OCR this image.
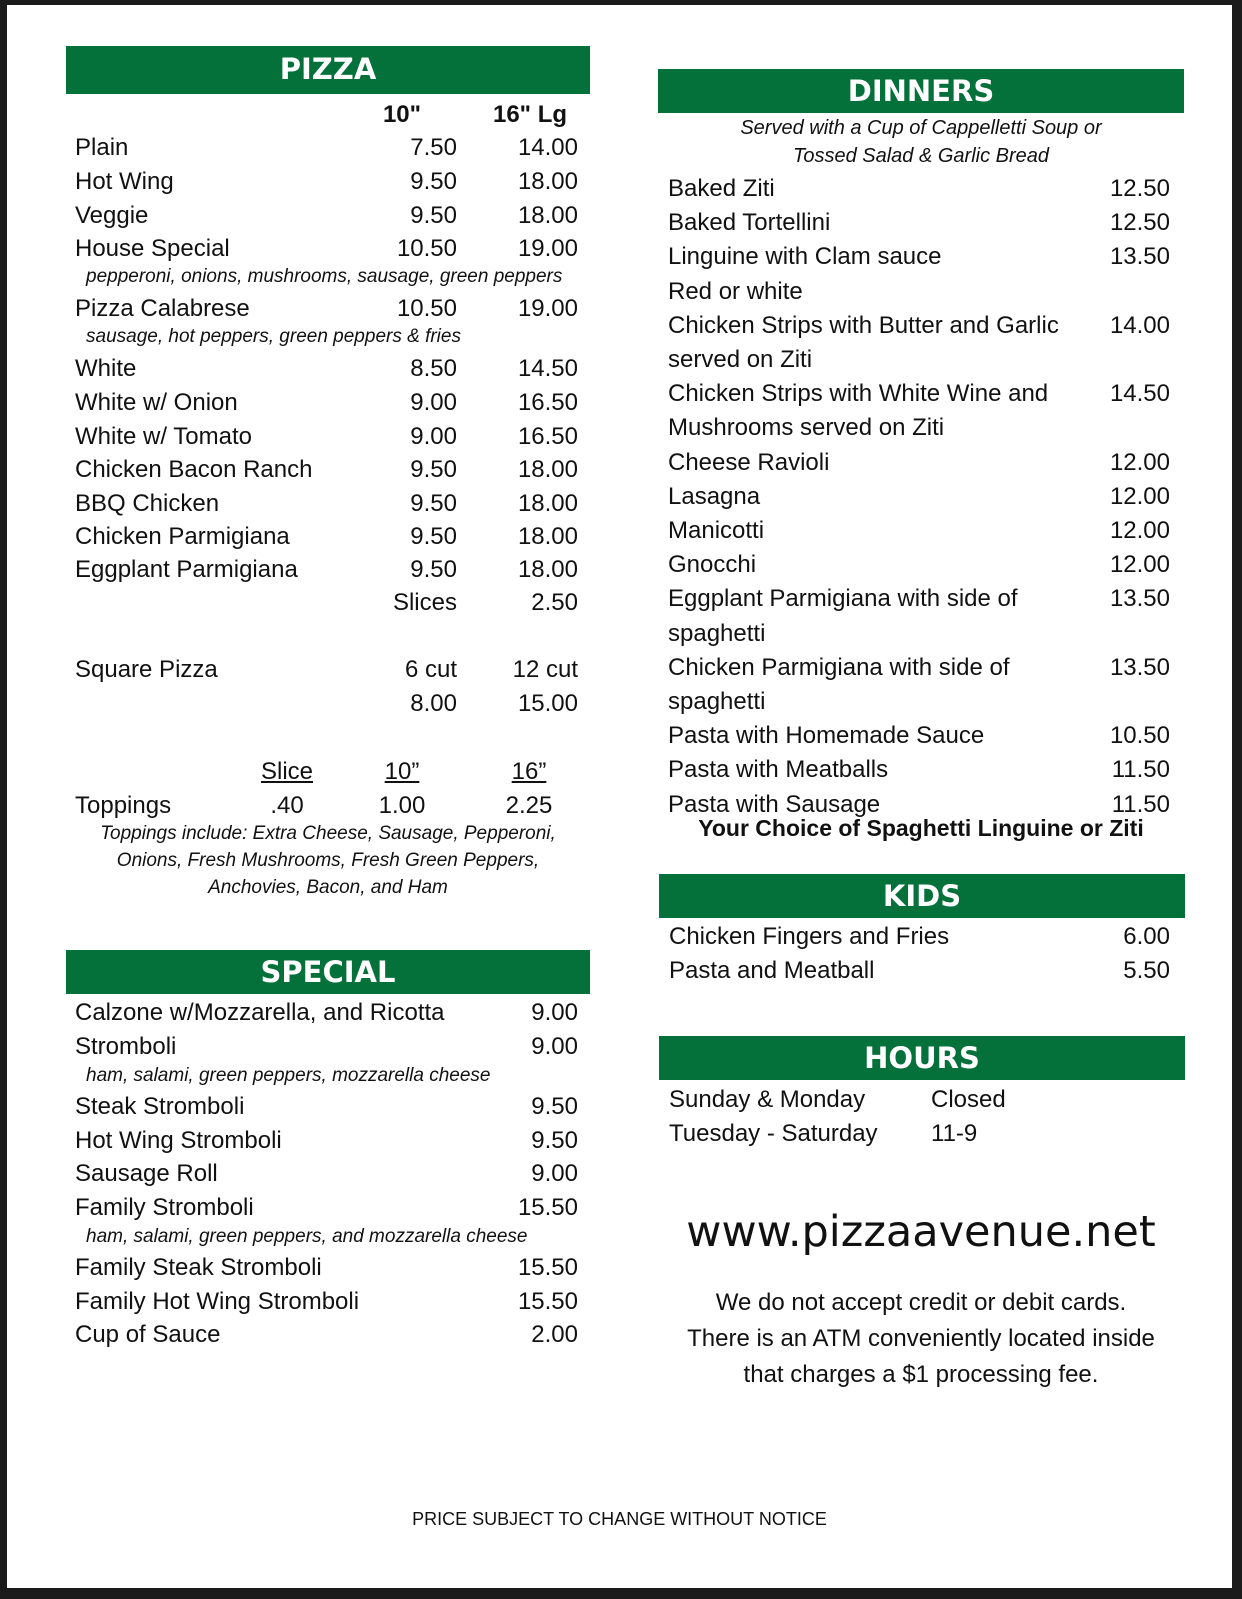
PIZZA
10"	16" Lg
Plain	7.50	14.00
Hot Wing	9.50	18.00
Veggie	9.50	18.00
House Special	10.50	19.00
Pizza Calabrese	10.50	19.00
White	8.50	14.50
White w/ Onion	9.00	16.50
White w/ Tomato	9.00	16.50
Chicken Bacon Ranch	9.50	18.00
BBQ Chicken	9.50	18.00
Chicken Parmigiana	9.50	18.00
Eggplant Parmigiana	9.50	18.00
pepperoni, onions, mushrooms, sausage, green peppers
sausage, hot peppers, green peppers & fries
Slices	2.50
Square Pizza	6 cut	12 cut
8.00	15.00
Slice	10”	16”
Toppings	.40	1.00	2.25
Toppings include: Extra Cheese, Sausage, Pepperoni,
Onions, Fresh Mushrooms, Fresh Green Peppers,
Anchovies, Bacon, and Ham
SPECIAL
Calzone w/Mozzarella, and Ricotta	9.00
Stromboli	9.00
Steak Stromboli	9.50
Hot Wing Stromboli	9.50
Sausage Roll	9.00
Family Stromboli	15.50
Family Steak Stromboli	15.50
Family Hot Wing Stromboli	15.50
Cup of Sauce	2.00
ham, salami, green peppers, mozzarella cheese
ham, salami, green peppers, and mozzarella cheese
DINNERS
Served with a Cup of Cappelletti Soup or
Tossed Salad & Garlic Bread
Baked Ziti	12.50
Baked Tortellini	12.50
Linguine with Clam sauce	13.50
Red or white
Chicken Strips with Butter and Garlic	14.00
served on Ziti
Chicken Strips with White Wine and	14.50
Mushrooms served on Ziti
Cheese Ravioli	12.00
Lasagna	12.00
Manicotti	12.00
Gnocchi	12.00
Eggplant Parmigiana with side of	13.50
spaghetti
Chicken Parmigiana with side of	13.50
spaghetti
Pasta with Homemade Sauce	10.50
Pasta with Meatballs	11.50
Pasta with Sausage	11.50
Your Choice of Spaghetti Linguine or Ziti
KIDS
Chicken Fingers and Fries	6.00
Pasta and Meatball	5.50
HOURS
Sunday & Monday	Closed
Tuesday - Saturday 11-9
www.pizzaavenue.net
We do not accept credit or debit cards.
There is an ATM conveniently located inside
that charges a $1 processing fee.
PRICE SUBJECT TO CHANGE WITHOUT NOTICE
